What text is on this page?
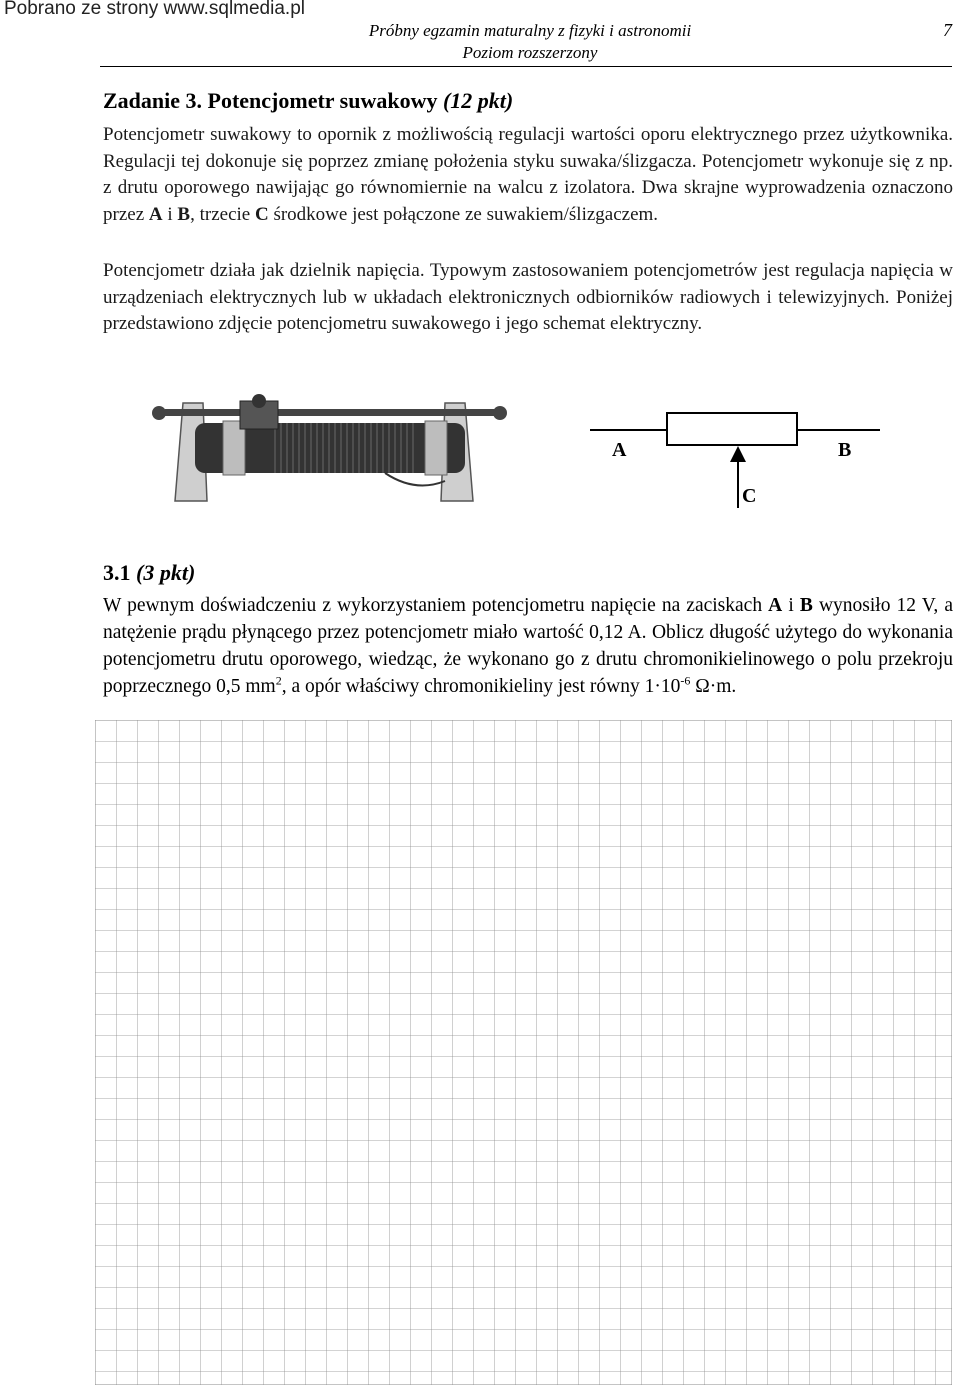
Pobrano ze strony www.sqlmedia.pl
Próbny egzamin maturalny z fizyki i astronomii
Poziom rozszerzony
7
Zadanie 3. Potencjometr suwakowy (12 pkt)
Potencjometr suwakowy to opornik z możliwością regulacji wartości oporu elektrycznego przez użytkownika. Regulacji tej dokonuje się poprzez zmianę położenia styku suwaka/ślizgacza. Potencjometr wykonuje się z np. z drutu oporowego nawijając go równomiernie na walcu z izolatora. Dwa skrajne wyprowadzenia oznaczono przez A i B, trzecie C środkowe jest połączone ze suwakiem/ślizgaczem.
Potencjometr działa jak dzielnik napięcia. Typowym zastosowaniem potencjometrów jest regulacja napięcia w urządzeniach elektrycznych lub w układach elektronicznych odbiorników radiowych i telewizyjnych. Poniżej przedstawiono zdjęcie potencjometru suwakowego i jego schemat elektryczny.
A	B
C
3.1 (3 pkt)
W pewnym doświadczeniu z wykorzystaniem potencjometru napięcie na zaciskach A i B wynosiło 12 V, a natężenie prądu płynącego przez potencjometr miało wartość 0,12 A. Oblicz długość użytego do wykonania potencjometru drutu oporowego, wiedząc, że wykonano go z drutu chromonikielinowego o polu przekroju poprzecznego 0,5 $mm^2$, a opór właściwy chromonikieliny jest równy $1\cdot 10^{-6}$ Ω·m.
